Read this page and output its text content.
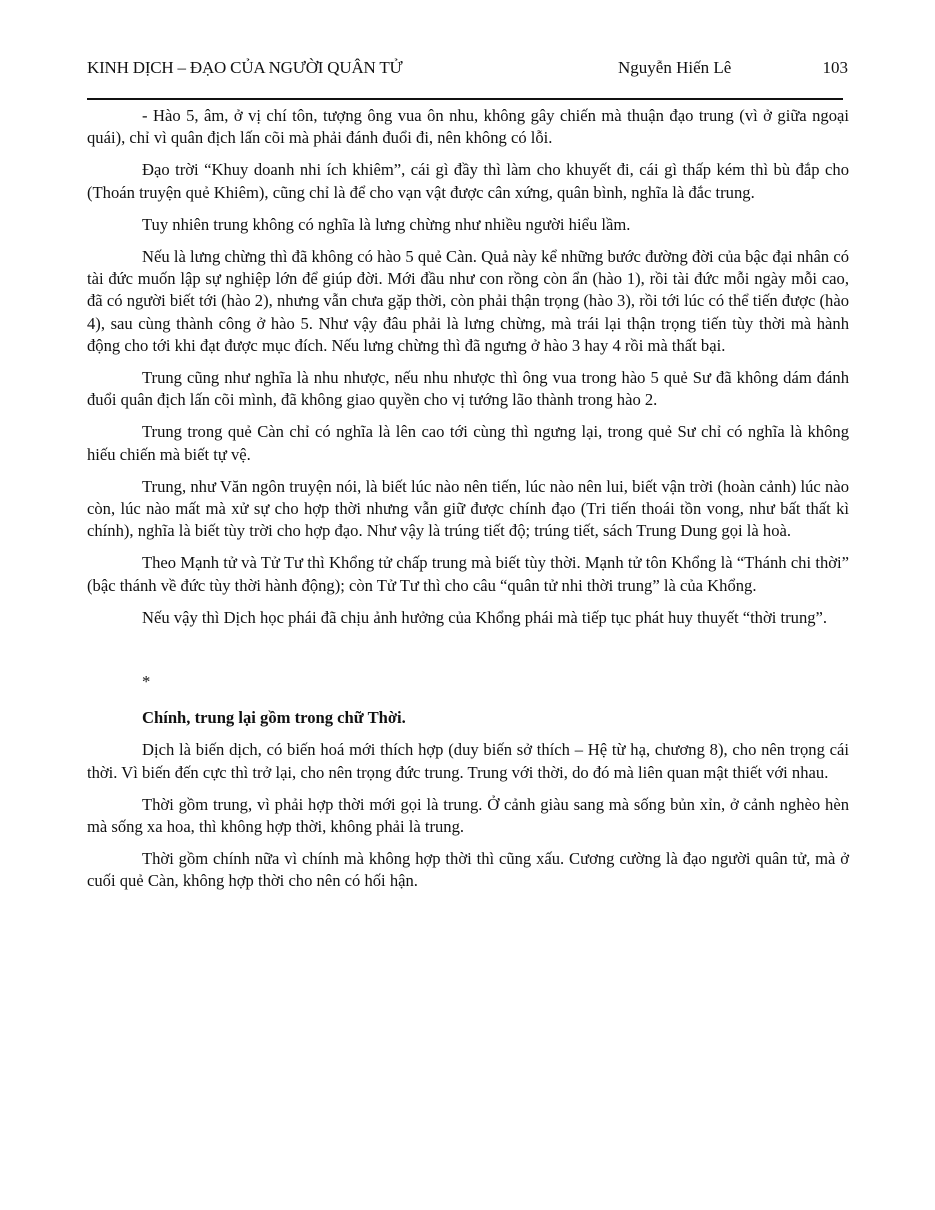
KINH DỊCH – ĐẠO CỦA NGƯỜI QUÂN TỬ	Nguyễn Hiến Lê	103

- Hào 5, âm, ở vị chí tôn, tượng ông vua ôn nhu, không gây chiến mà thuận đạo trung (vì ở giữa ngoại quái), chỉ vì quân địch lấn cõi mà phải đánh đuổi đi, nên không có lỗi.

Đạo trời “Khuy doanh nhi ích khiêm”, cái gì đầy thì làm cho khuyết đi, cái gì thấp kém thì bù đắp cho (Thoán truyện quẻ Khiêm), cũng chỉ là để cho vạn vật được cân xứng, quân bình, nghĩa là đắc trung.

Tuy nhiên trung không có nghĩa là lưng chừng như nhiều người hiểu lầm.

Nếu là lưng chừng thì đã không có hào 5 quẻ Càn. Quả này kể những bước đường đời của bậc đại nhân có tài đức muốn lập sự nghiệp lớn để giúp đời. Mới đầu như con rồng còn ẩn (hào 1), rồi tài đức mỗi ngày mỗi cao, đã có người biết tới (hào 2), nhưng vẫn chưa gặp thời, còn phải thận trọng (hào 3), rồi tới lúc có thể tiến được (hào 4), sau cùng thành công ở hào 5. Như vậy đâu phải là lưng chừng, mà trái lại thận trọng tiến tùy thời mà hành động cho tới khi đạt được mục đích. Nếu lưng chừng thì đã ngưng ở hào 3 hay 4 rồi mà thất bại.

Trung cũng như nghĩa là nhu nhược, nếu nhu nhược thì ông vua trong hào 5 quẻ Sư đã không dám đánh đuổi quân địch lấn cõi mình, đã không giao quyền cho vị tướng lão thành trong hào 2.

Trung trong quẻ Càn chỉ có nghĩa là lên cao tới cùng thì ngưng lại, trong quẻ Sư chỉ có nghĩa là không hiếu chiến mà biết tự vệ.

Trung, như Văn ngôn truyện nói, là biết lúc nào nên tiến, lúc nào nên lui, biết vận trời (hoàn cảnh) lúc nào còn, lúc nào mất mà xử sự cho hợp thời nhưng vẫn giữ được chính đạo (Tri tiến thoái tồn vong, như bất thất kì chính), nghĩa là biết tùy trời cho hợp đạo. Như vậy là trúng tiết độ; trúng tiết, sách Trung Dung gọi là hoà.

Theo Mạnh tử và Tử Tư thì Khổng tử chấp trung mà biết tùy thời. Mạnh tử tôn Khổng là “Thánh chi thời” (bậc thánh về đức tùy thời hành động); còn Tử Tư thì cho câu “quân tử nhi thời trung” là của Khổng.

Nếu vậy thì Dịch học phái đã chịu ảnh hưởng của Khổng phái mà tiếp tục phát huy thuyết “thời trung”.

*

Chính, trung lại gồm trong chữ Thời.

Dịch là biến dịch, có biến hoá mới thích hợp (duy biến sở thích – Hệ từ hạ, chương 8), cho nên trọng cái thời. Vì biến đến cực thì trở lại, cho nên trọng đức trung. Trung với thời, do đó mà liên quan mật thiết với nhau.

Thời gồm trung, vì phải hợp thời mới gọi là trung. Ở cảnh giàu sang mà sống bủn xỉn, ở cảnh nghèo hèn mà sống xa hoa, thì không hợp thời, không phải là trung.

Thời gồm chính nữa vì chính mà không hợp thời thì cũng xấu. Cương cường là đạo người quân tử, mà ở cuối quẻ Càn, không hợp thời cho nên có hối hận.
